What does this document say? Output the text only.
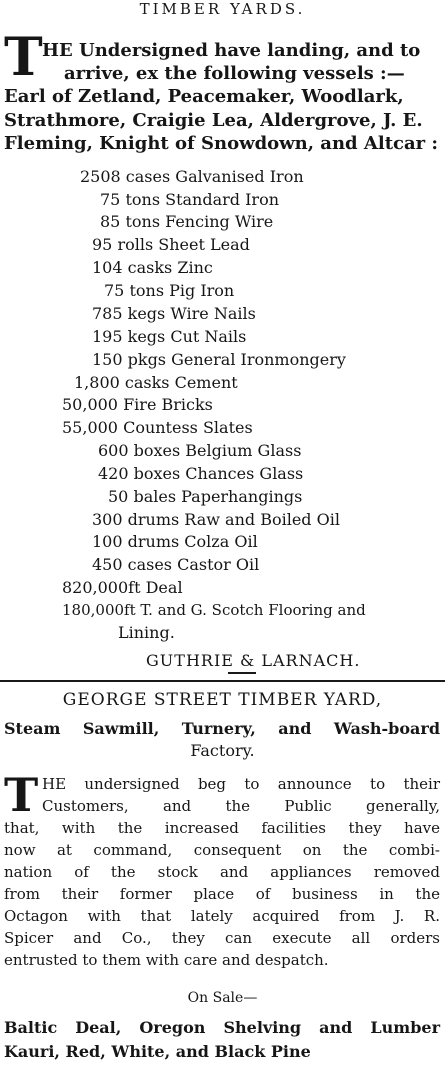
TIMBER YARDS.
T HE Undersigned have landing, and to
arrive, ex the following vessels :—
Earl of Zetland, Peacemaker, Woodlark,
Strathmore, Craigie Lea, Aldergrove, J. E.
Fleming, Knight of Snowdown, and Altcar :
2508 cases Galvanised Iron
75 tons Standard Iron
85 tons Fencing Wire
95 rolls Sheet Lead
104 casks Zinc
75 tons Pig Iron
785 kegs Wire Nails
195 kegs Cut Nails
150 pkgs General Ironmongery
1,800 casks Cement
50,000 Fire Bricks
55,000 Countess Slates
600 boxes Belgium Glass
420 boxes Chances Glass
50 bales Paperhangings
300 drums Raw and Boiled Oil
100 drums Colza Oil
450 cases Castor Oil
820,000ft Deal
180,000ft T. and G. Scotch Flooring and
Lining.
GUTHRIE & LARNACH.
GEORGE STREET TIMBER YARD,
Steam Sawmill, Turnery, and Wash-board
Factory.
T HE undersigned beg to announce to their
Customers, and the Public generally,
that, with the increased facilities they have
now at command, consequent on the combi-
nation of the stock and appliances removed
from their former place of business in the
Octagon with that lately acquired from J. R.
Spicer and Co., they can execute all orders
entrusted to them with care and despatch.
On Sale—
Baltic Deal, Oregon Shelving and Lumber
Kauri, Red, White, and Black Pine
